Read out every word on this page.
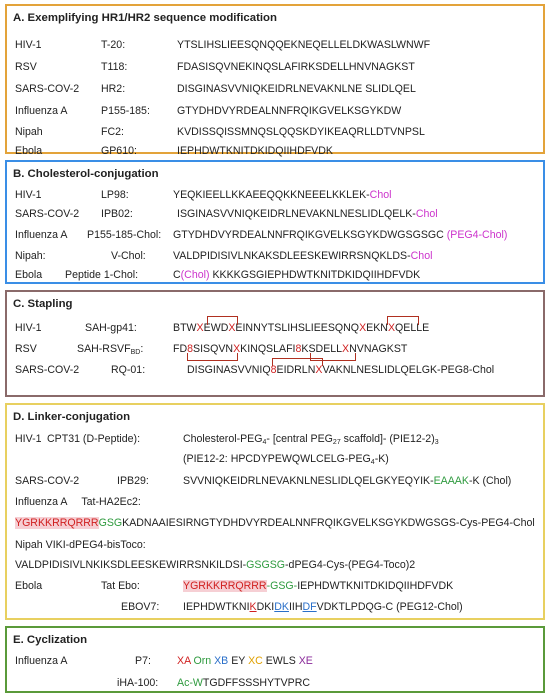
A. Exemplifying HR1/HR2 sequence modification
HIV-1	T-20:	YTSLIHSLIEESQNQQEKNEQELLELDKWASLWNWF
RSV	T118:	FDASISQVNEKINQSLAFIRKSDELLHNVNAGKST
SARS-COV-2 HR2:	DISGINASVVNIQKEIDRLNEVAKNLNE SLIDLQEL
Influenza A	P155-185:	GTYDHDVYRDEALNNFRQIKGVELKSGYKDW
Nipah	FC2:	KVDISSQISSMNQSLQQSKDYIKEAQRLLDTVNPSL
Ebola	GP610:	IEPHDWTKNITDKIDQIIHDFVDK
B. Cholesterol-conjugation
HIV-1	LP98:	YEQKIEELLKKAEEQQKKNEEELKKLEK-Chol
SARS-COV-2 IPB02:	ISGINASVVNIQKEIDRLNEVAKNLNESLIDLQELK-Chol
Influenza A P155-185-Chol: GTYDHDVYRDEALNNFRQIKGVELKSGYKDWGSGSGC (PEG4-Chol)
Nipah:	V-Chol:	VALDPIDISIVLNKAKSDLEESKEWIRRSNQKLDS-Chol
Ebola Peptide 1-Chol:	C(Chol) KKKKGSGIEPHDWTKNITDKIDQIIHDFVDK
C. Stapling
HIV-1	SAH-gp41:	BTWXEWDXEINNYTSLIHSLIEESQNQXEKNXQELLE
RSV	SAH-$RSVF_{BD}$:	FD8SISQVNXKINQSLAFI8KSDELLXNVNAGKST
SARS-COV-2	RQ-01:	DISGINASVVNIQ8EIDRLNXVAKNLNESLIDLQELGK-PEG8-Chol
D. Linker-conjugation
HIV-1 CPT31 (D-Peptide):	Cholesterol-$PEG_4-$ [central $PEG_{27}$ scaffold]- $(PIE12-2)_3$
(PIE12-2: HPCDYPEWQWLCELG-$PEG_4-K$)
SARS-COV-2	IPB29:	SVVNIQKEIDRLNEVAKNLNESLIDLQELGKYEQYIK-EAAAK-K (Chol)
Influenza A     Tat-HA2Ec2:
YGRKKRRQRRRGSGKADNAAIESIRNGTYDHDVYRDEALNNFRQIKGVELKSGYKDWGSGS-Cys-PEG4-Chol
Nipah VIKI-dPEG4-bisToco:
VALDPIDISIVLNKIKSDLEESKEWIRRSNKILDSI-GSGSG-dPEG4-Cys-(PEG4-Toco)2
Ebola	Tat Ebo:	YGRKKRRQRRR-GSG-IEPHDWTKNITDKIDQIIHDFVDK
EBOV7: IEPHDWTKNIKDKIDKIIHDFVDKTLPDQG-C (PEG12-Chol)
E. Cyclization
Influenza A	P7: XA Orn XB EY XC EWLS XE
iHA-100: Ac-WTGDFFSSSHYTVPRC
